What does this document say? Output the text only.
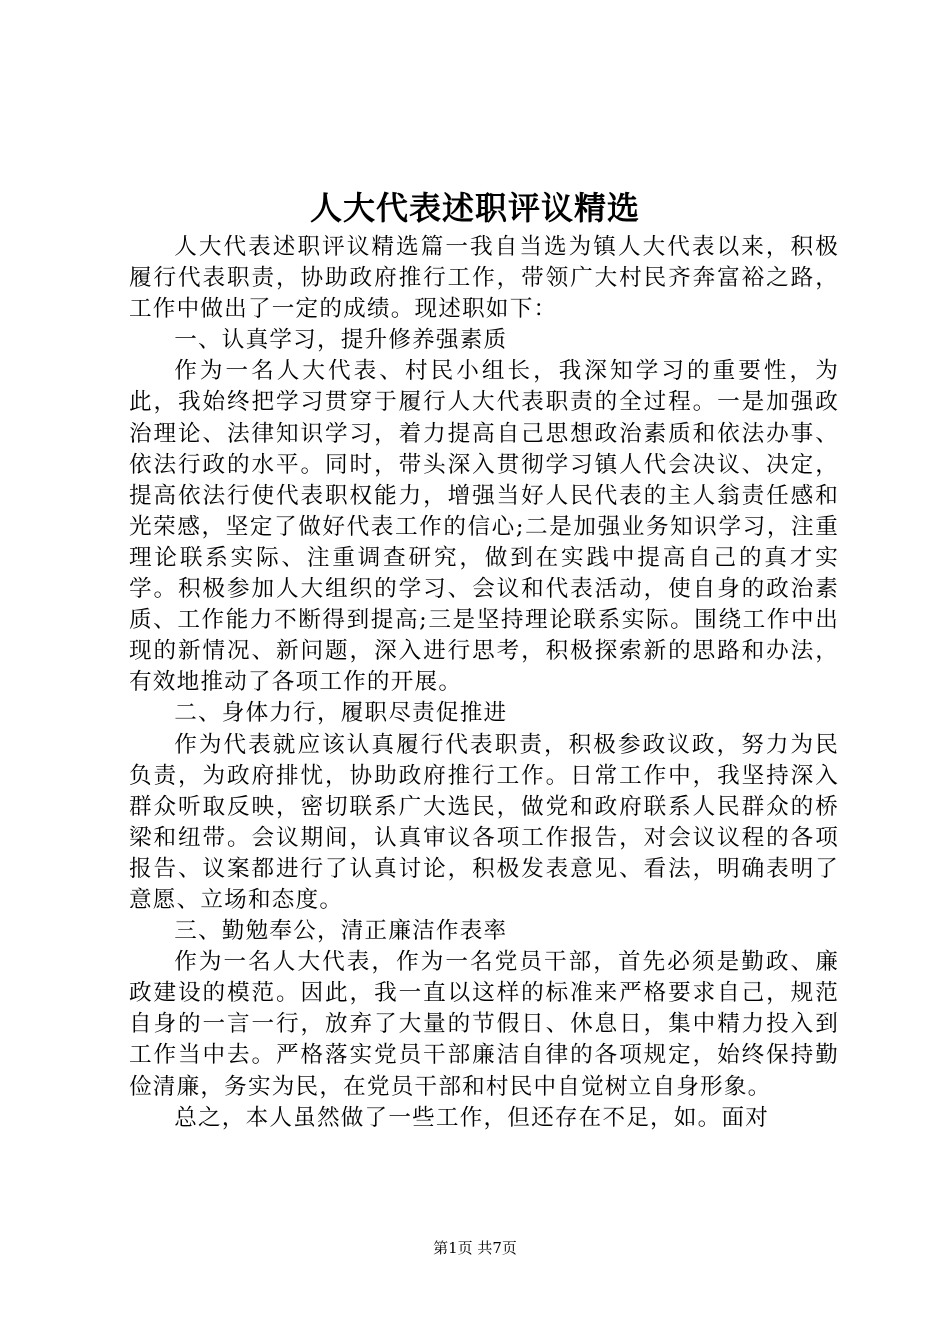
人大代表述职评议精选

人大代表述职评议精选篇一我自当选为镇人大代表以来，积极履行代表职责，协助政府推行工作，带领广大村民齐奔富裕之路，工作中做出了一定的成绩。现述职如下：

一、认真学习，提升修养强素质

作为一名人大代表、村民小组长，我深知学习的重要性，为此，我始终把学习贯穿于履行人大代表职责的全过程。一是加强政治理论、法律知识学习，着力提高自己思想政治素质和依法办事、依法行政的水平。同时，带头深入贯彻学习镇人代会决议、决定，提高依法行使代表职权能力，增强当好人民代表的主人翁责任感和光荣感，坚定了做好代表工作的信心;二是加强业务知识学习，注重理论联系实际、注重调查研究，做到在实践中提高自己的真才实学。积极参加人大组织的学习、会议和代表活动，使自身的政治素质、工作能力不断得到提高;三是坚持理论联系实际。围绕工作中出现的新情况、新问题，深入进行思考，积极探索新的思路和办法，有效地推动了各项工作的开展。

二、身体力行，履职尽责促推进

作为代表就应该认真履行代表职责，积极参政议政，努力为民负责，为政府排忧，协助政府推行工作。日常工作中，我坚持深入群众听取反映，密切联系广大选民，做党和政府联系人民群众的桥梁和纽带。会议期间，认真审议各项工作报告，对会议议程的各项报告、议案都进行了认真讨论，积极发表意见、看法，明确表明了意愿、立场和态度。

三、勤勉奉公，清正廉洁作表率

作为一名人大代表，作为一名党员干部，首先必须是勤政、廉政建设的模范。因此，我一直以这样的标准来严格要求自己，规范自身的一言一行，放弃了大量的节假日、休息日，集中精力投入到工作当中去。严格落实党员干部廉洁自律的各项规定，始终保持勤俭清廉，务实为民，在党员干部和村民中自觉树立自身形象。

总之，本人虽然做了一些工作，但还存在不足，如。面对

第1页 共7页
